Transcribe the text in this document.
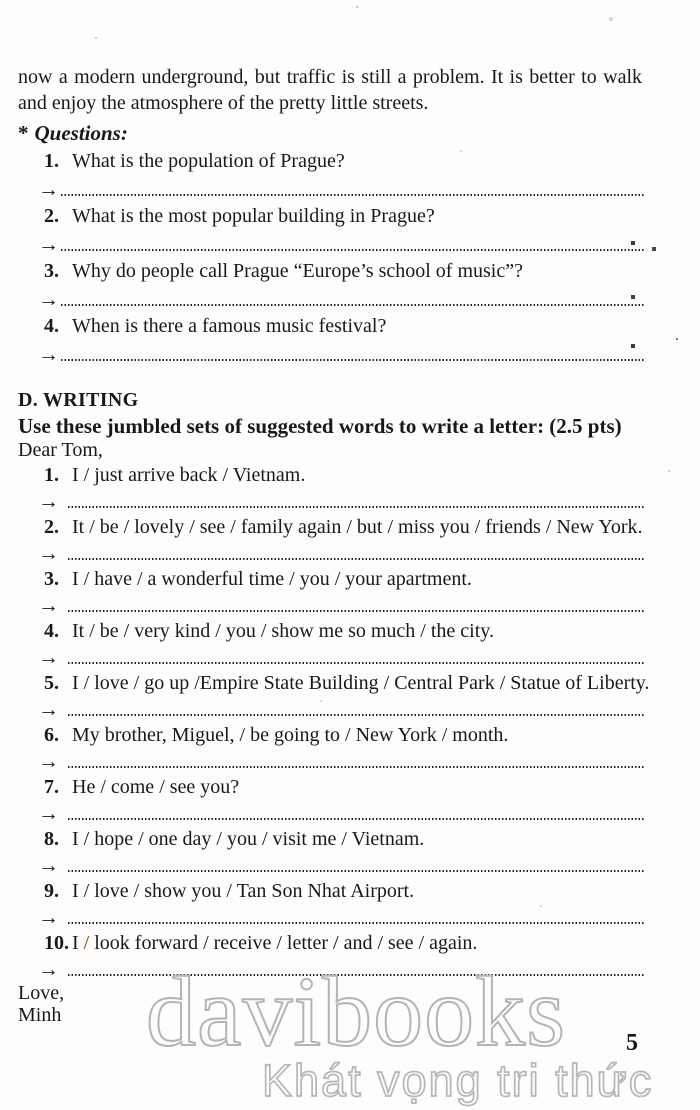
now a modern underground, but traffic is still a problem. It is better to walk
and enjoy the atmosphere of the pretty little streets.
* Questions:
1. What is the population of Prague?
→
2. What is the most popular building in Prague?
→
3. Why do people call Prague “Europe’s school of music”?
→
4. When is there a famous music festival?
→
D. WRITING
Use these jumbled sets of suggested words to write a letter: (2.5 pts)
Dear Tom,
1. I / just arrive back / Vietnam.
→
2. It / be / lovely / see / family again / but / miss you / friends / New York.
→
3. I / have / a wonderful time / you / your apartment.
→
4. It / be / very kind / you / show me so much / the city.
→
5. I / love / go up /Empire State Building / Central Park / Statue of Liberty.
→
6. My brother, Miguel, / be going to / New York / month.
→
7. He / come / see you?
→
8. I / hope / one day / you / visit me / Vietnam.
→
9. I / love / show you / Tan Son Nhat Airport.
→
10. I / look forward / receive / letter / and / see / again.
→
Love,
Minh davibooks
Khát vọng tri thức
5
